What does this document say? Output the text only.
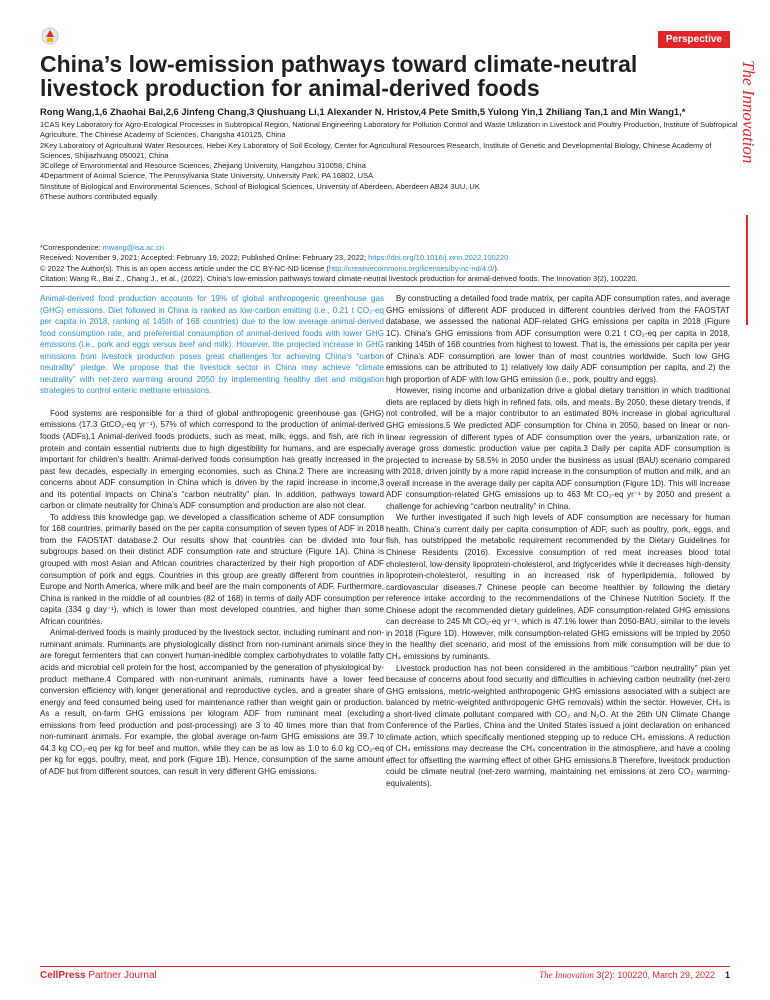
Perspective
The Innovation
China’s low-emission pathways toward climate-neutral livestock production for animal-derived foods
Rong Wang,1,6 Zhaohai Bai,2,6 Jinfeng Chang,3 Qiushuang Li,1 Alexander N. Hristov,4 Pete Smith,5 Yulong Yin,1 Zhiliang Tan,1 and Min Wang1,*

1CAS Key Laboratory for Agro-Ecological Processes in Subtropical Region, National Engineering Laboratory for Pollution Control and Waste Utilization in Livestock and Poultry Production, Institute of Subtropical Agriculture, The Chinese Academy of Sciences, Changsha 410125, China

2Key Laboratory of Agricultural Water Resources, Hebei Key Laboratory of Soil Ecology, Center for Agricultural Resources Research, Institute of Genetic and Developmental Biology, Chinese Academy of Sciences, Shijiazhuang 050021, China

3College of Environmental and Resource Sciences, Zhejiang University, Hangzhou 310058, China

4Department of Animal Science, The Pennsylvania State University, University Park, PA 16802, USA

5Institute of Biological and Environmental Sciences, School of Biological Sciences, University of Aberdeen, Aberdeen AB24 3UU, UK

6These authors contributed equally

*Correspondence: mwang@isa.ac.cn

Received: November 9, 2021; Accepted: February 19, 2022; Published Online: February 23, 2022; https://doi.org/10.1016/j.xinn.2022.100220

© 2022 The Author(s). This is an open access article under the CC BY-NC-ND license (http://creativecommons.org/licenses/by-nc-nd/4.0/).

Citation: Wang R., Bai Z., Chang J., et al., (2022). China’s low-emission pathways toward climate-neutral livestock production for animal-derived foods. The Innovation 3(2), 100220.

Animal-derived food production accounts for 19% of global anthropogenic greenhouse gas (GHG) emissions. Diet followed in China is ranked as low-carbon emitting (i.e., 0.21 t CO₂-eq per capita in 2018, ranking at 145th of 168 countries) due to the low average animal-derived food consumption rate, and preferential consumption of animal-derived foods with lower GHG emissions (i.e., pork and eggs versus beef and milk). However, the projected increase in GHG emissions from livestock production poses great challenges for achieving China’s “carbon neutrality” pledge. We propose that the livestock sector in China may achieve “climate neutrality” with net-zero warming around 2050 by implementing healthy diet and mitigation strategies to control enteric methane emissions.

Food systems are responsible for a third of global anthropogenic greenhouse gas (GHG) emissions (17.3 GtCO₂-eq yr⁻¹), 57% of which correspond to the production of animal-derived foods (ADFs).1 Animal-derived foods products, such as meat, milk, eggs, and fish, are rich in protein and contain essential nutrients due to high digestibility for humans, and are especially important for children’s health. Animal-derived foods consumption has greatly increased in the past few decades, especially in emerging economies, such as China.2 There are increasing concerns about ADF consumption in China which is driven by the rapid increase in income,3 and its potential impacts on China’s “carbon neutrality” plan. In addition, pathways toward carbon or climate neutrality for China’s ADF consumption and production are also not clear.

To address this knowledge gap, we developed a classification scheme of ADF consumption for 168 countries, primarily based on the per capita consumption of seven types of ADF in 2018 from the FAOSTAT database.2 Our results show that countries can be divided into four subgroups based on their distinct ADF consumption rate and structure (Figure 1A). China is grouped with most Asian and African countries characterized by their high proportion of ADF consumption of pork and eggs. Countries in this group are greatly different from countries in Europe and North America, where milk and beef are the main components of ADF. Furthermore, China is ranked in the middle of all countries (82 of 168) in terms of daily ADF consumption per capita (334 g day⁻¹), which is lower than most developed countries, and higher than some African countries.

Animal-derived foods is mainly produced by the livestock sector, including ruminant and non-ruminant animals. Ruminants are physiologically distinct from non-ruminant animals since they are foregut fermenters that can convert human-inedible complex carbohydrates to volatile fatty acids and microbial cell protein for the host, accompanied by the generation of physiological by-product methane.4 Compared with non-ruminant animals, ruminants have a lower feed conversion efficiency with longer generational and reproductive cycles, and a greater share of energy and feed consumed being used for maintenance rather than weight gain or production. As a result, on-farm GHG emissions per kilogram ADF from ruminant meat (excluding emissions from feed production and post-processing) are 3 to 40 times more than that from non-ruminant animals. For example, the global average on-farm GHG emissions are 39.7 to 44.3 kg CO₂-eq per kg for beef and mutton, while they can be as low as 1.0 to 6.0 kg CO₂-eq per kg for eggs, poultry, meat, and pork (Figure 1B). Hence, consumption of the same amount of ADF but from different sources, can result in very different GHG emissions.

By constructing a detailed food trade matrix, per capita ADF consumption rates, and average GHG emissions of different ADF produced in different countries derived from the FAOSTAT database, we assessed the national ADF-related GHG emissions per capita in 2018 (Figure 1C). China’s GHG emissions from ADF consumption were 0.21 t CO₂-eq per capita in 2018, ranking 145th of 168 countries from highest to lowest. That is, the emissions per capita per year of China’s ADF consumption are lower than of most countries worldwide. Such low GHG emissions can be attributed to 1) relatively low daily ADF consumption per capita, and 2) the high proportion of ADF with low GHG emission (i.e., pork, poultry and eggs).

However, rising income and urbanization drive a global dietary transition in which traditional diets are replaced by diets high in refined fats, oils, and meats. By 2050, these dietary trends, if not controlled, will be a major contributor to an estimated 80% increase in global agricultural GHG emissions.5 We predicted ADF consumption for China in 2050, based on linear or non-linear regression of different types of ADF consumption over the years, urbanization rate, or average gross domestic production value per capita.3 Daily per capita ADF consumption is projected to increase by 58.5% in 2050 under the business as usual (BAU) scenario compared with 2018, driven jointly by a more rapid increase in the consumption of mutton and milk, and an overall increase in the average daily per capita ADF consumption (Figure 1D). This will increase ADF consumption-related GHG emissions up to 463 Mt CO₂-eq yr⁻¹ by 2050 and present a challenge for achieving “carbon neutrality” in China.

We further investigated if such high levels of ADF consumption are necessary for human health. China’s current daily per capita consumption of ADF, such as poultry, pork, eggs, and fish, has outstripped the metabolic requirement recommended by the Dietary Guidelines for Chinese Residents (2016). Excessive consumption of red meat increases blood total cholesterol, low-density lipoprotein-cholesterol, and triglycerides while it decreases high-density lipoprotein-cholesterol, resulting in an increased risk of hyperlipidemia, followed by cardiovascular diseases.7 Chinese people can become healthier by following the dietary reference intake according to the recommendations of the Chinese Nutrition Society. If the Chinese adopt the recommended dietary guidelines, ADF consumption-related GHG emissions can decrease to 245 Mt CO₂-eq yr⁻¹, which is 47.1% lower than 2050-BAU, similar to the levels in 2018 (Figure 1D). However, milk consumption-related GHG emissions will be tripled by 2050 in the healthy diet scenario, and most of the emissions from milk consumption will be due to CH₄ emissions by ruminants.

Livestock production has not been considered in the ambitious “carbon neutrality” plan yet because of concerns about food security and difficulties in achieving carbon neutrality (net-zero GHG emissions, metric-weighted anthropogenic GHG emissions associated with a subject are balanced by metric-weighted anthropogenic GHG removals) within the sector. However, CH₄ is a short-lived climate pollutant compared with CO₂ and N₂O. At the 26th UN Climate Change Conference of the Parties, China and the United States issued a joint declaration on enhanced climate action, which specifically mentioned stepping up to reduce CH₄ emissions. A reduction of CH₄ emissions may decrease the CH₄ concentration in the atmosphere, and have a cooling effect for offsetting the warming effect of other GHG emissions.8 Therefore, livestock production could be climate neutral (net-zero warming, maintaining net emissions at zero CO₂ warming-equivalents).

CellPress Partner Journal	The Innovation 3(2): 100220, March 29, 2022 1
